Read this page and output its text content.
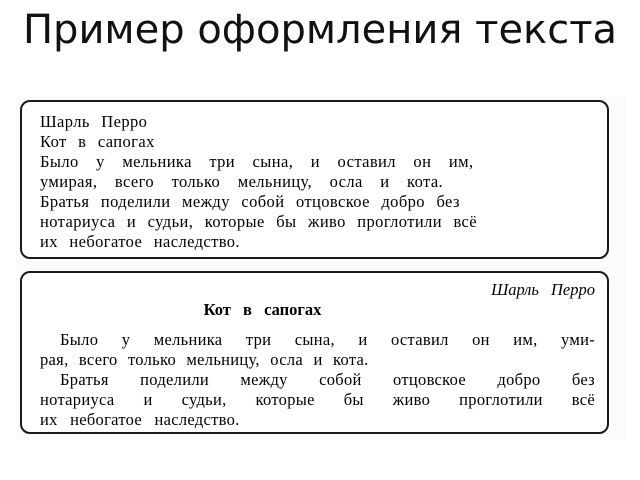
Пример оформления текста
Шарль Перро
Кот в сапогах
Было у мельника три сына, и оставил он им,
умирая, всего только мельницу, осла и кота.
Братья поделили между собой отцовское добро без
нотариуса и судьи, которые бы живо проглотили всё
их небогатое наследство.
Шарль Перро
Кот в сапогах
Было у мельника три сына, и оставил он им, уми-
рая, всего только мельницу, осла и кота.
Братья поделили между собой отцовское добро без
нотариуса и судьи, которые бы живо проглотили всё
их небогатое наследство.
